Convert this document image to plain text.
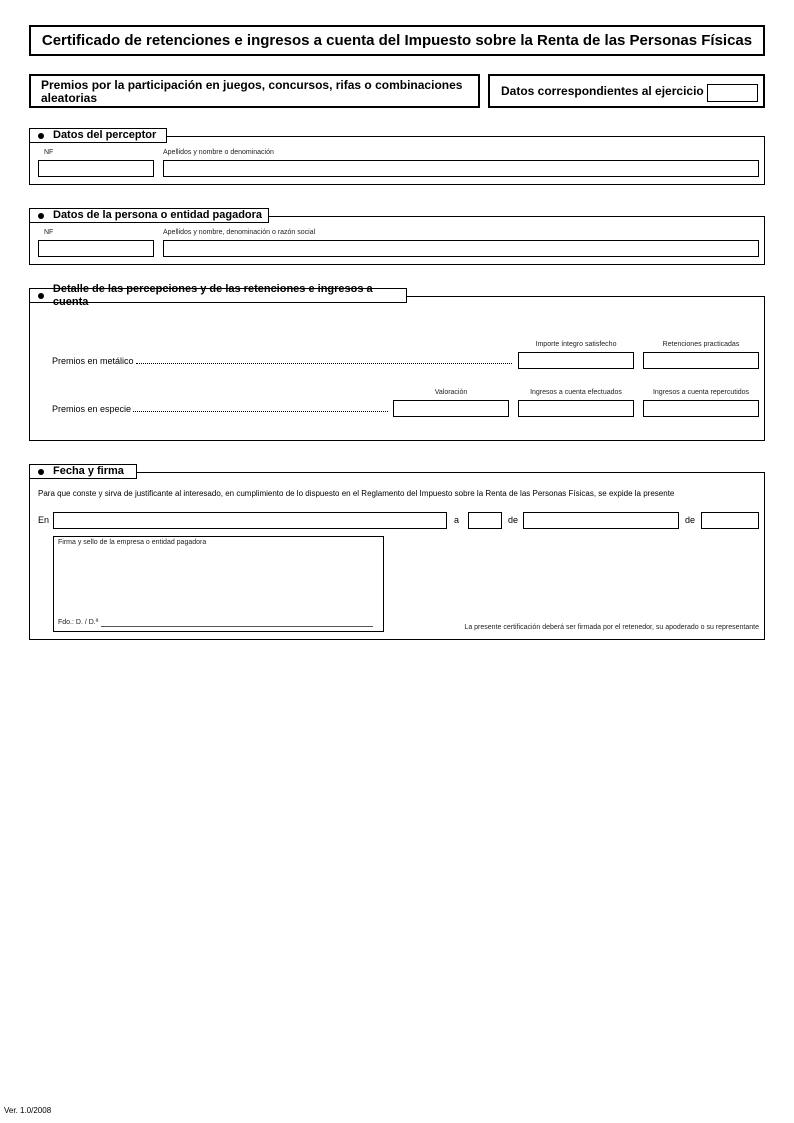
Certificado de retenciones e ingresos a cuenta del Impuesto sobre la Renta de las Personas Físicas
Premios por la participación en juegos, concursos, rifas o combinaciones aleatorias	Datos correspondientes al ejercicio
Datos del perceptor
NF	Apellidos y nombre o denominación
Datos de la persona o entidad pagadora
NF	Apellidos y nombre, denominación o razón social
Detalle de las percepciones y de las retenciones e ingresos a cuenta
Importe íntegro satisfecho	Retenciones practicadas
Premios en metálico
Valoración	Ingresos a cuenta efectuados	Ingresos a cuenta repercutidos
Premios en especie
Fecha y firma
Para que conste y sirva de justificante al interesado, en cumplimiento de lo dispuesto en el Reglamento del Impuesto sobre la Renta de las Personas Físicas, se expide la presente
En	a	de	de
Firma y sello de la empresa o entidad pagadora
Fdo.: D. / D.ª
La presente certificación deberá ser firmada por el retenedor, su apoderado o su representante
Ver. 1.0/2008
